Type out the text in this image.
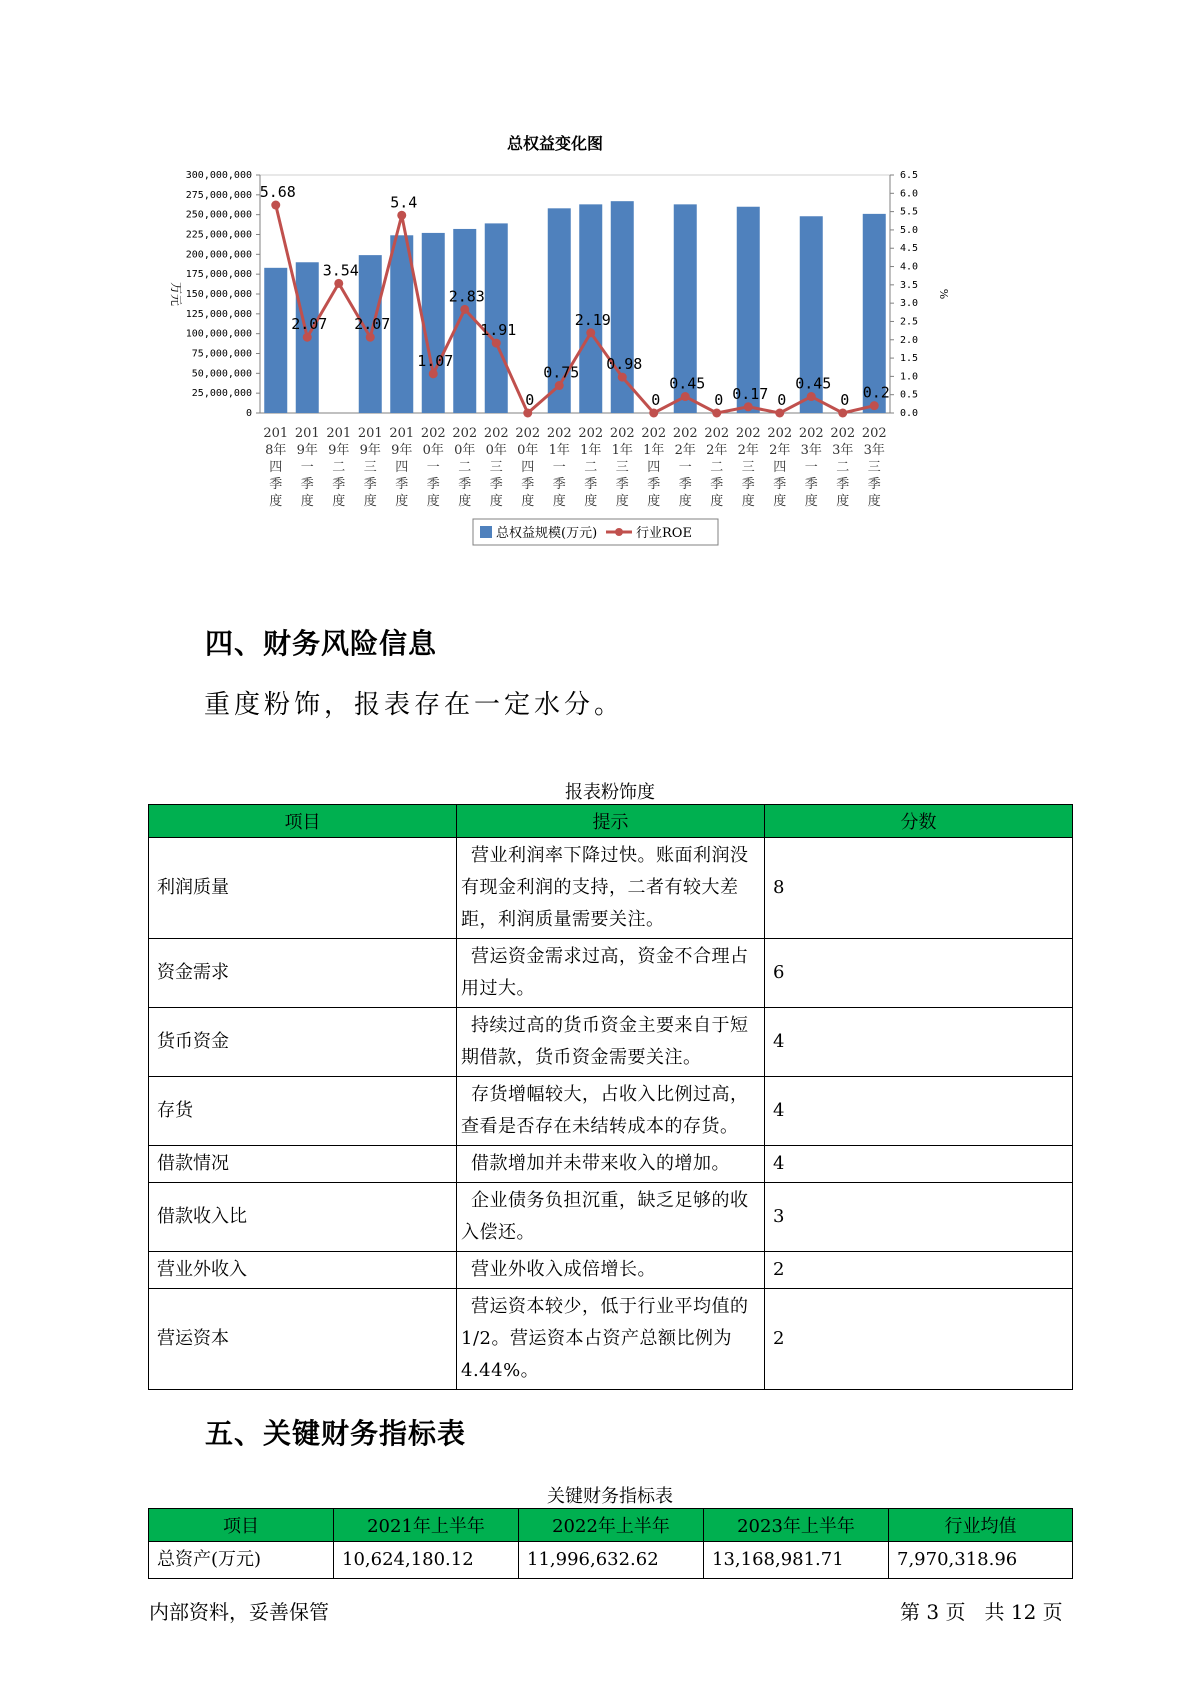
总权益变化图
0
25,000,000
50,000,000
75,000,000
100,000,000
125,000,000
150,000,000
175,000,000
200,000,000
225,000,000
250,000,000
275,000,000
300,000,000
0.0
0.5
1.0
1.5
2.0
2.5
3.0
3.5
4.0
4.5
5.0
5.5
6.0
6.5
万元	%
201 8年四季度
201 9年一季度
201 9年二季度
201 9年三季度
201 9年四季度
202 0年一季度
202 0年二季度
202 0年三季度
202 0年四季度
202 1年一季度
202 1年二季度
202 1年三季度
202 1年四季度
202 2年一季度
202 2年二季度
202 2年三季度
202 2年四季度
202 3年一季度
202 3年二季度
202 3年三季度
5.68
2.07
3.54
2.07
5.4
1.07
2.83
1.91
0
0.75
2.19
0.98
0
0.45
0 0.17 0
0.45
0 0.2
总权益规模(万元)	行业ROE
四、财务风险信息
重度粉饰，报表存在一定水分。
报表粉饰度
项目	提示	分数
利润质量	营业利润率下降过快。账面利润没有现金利润的支持，二者有较大差距，利润质量需要关注。	8
资金需求	营运资金需求过高，资金不合理占用过大。	6
货币资金	持续过高的货币资金主要来自于短期借款，货币资金需要关注。	4
存货	存货增幅较大，占收入比例过高，查看是否存在未结转成本的存货。	4
借款情况	借款增加并未带来收入的增加。	4
借款收入比	企业债务负担沉重，缺乏足够的收入偿还。	3
营业外收入	营业外收入成倍增长。	2
营运资本	营运资本较少，低于行业平均值的1/2。营运资本占资产总额比例为4.44%。	2
五、关键财务指标表
关键财务指标表
项目	2021年上半年	2022年上半年	2023年上半年	行业均值
总资产(万元)	10,624,180.12	11,996,632.62	13,168,981.71	7,970,318.96
内部资料，妥善保管	第 3 页   共 12 页
